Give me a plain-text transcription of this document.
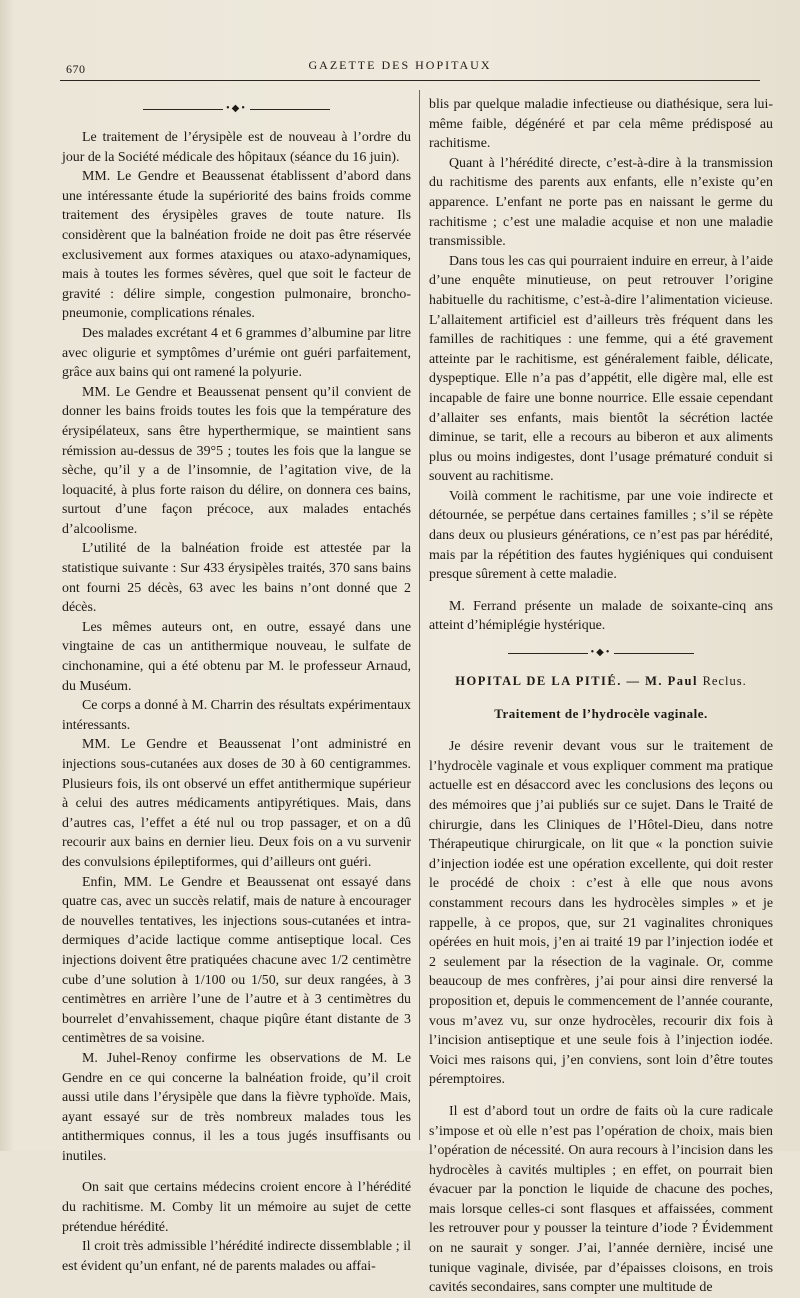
670	GAZETTE DES HOPITAUX
•◆•

Le traitement de l’érysipèle est de nouveau à l’ordre du jour de la Société médicale des hôpitaux (séance du 16 juin).

MM. Le Gendre et Beaussenat établissent d’abord dans une intéressante étude la supériorité des bains froids comme traitement des érysipèles graves de toute nature. Ils considèrent que la balnéation froide ne doit pas être réservée exclusivement aux formes ataxiques ou ataxo-adynamiques, mais à toutes les formes sévères, quel que soit le facteur de gravité : délire simple, congestion pulmonaire, broncho-pneumonie, complications rénales.

Des malades excrétant 4 et 6 grammes d’albumine par litre avec oligurie et symptômes d’urémie ont guéri parfaitement, grâce aux bains qui ont ramené la polyurie.

MM. Le Gendre et Beaussenat pensent qu’il convient de donner les bains froids toutes les fois que la température des érysipélateux, sans être hyperthermique, se maintient sans rémission au-dessus de 39°5 ; toutes les fois que la langue se sèche, qu’il y a de l’insomnie, de l’agitation vive, de la loquacité, à plus forte raison du délire, on donnera ces bains, surtout d’une façon précoce, aux malades entachés d’alcoolisme.

L’utilité de la balnéation froide est attestée par la statistique suivante : Sur 433 érysipèles traités, 370 sans bains ont fourni 25 décès, 63 avec les bains n’ont donné que 2 décès.

Les mêmes auteurs ont, en outre, essayé dans une vingtaine de cas un antithermique nouveau, le sulfate de cinchonamine, qui a été obtenu par M. le professeur Arnaud, du Muséum.

Ce corps a donné à M. Charrin des résultats expérimentaux intéressants.

MM. Le Gendre et Beaussenat l’ont administré en injections sous-cutanées aux doses de 30 à 60 centigrammes. Plusieurs fois, ils ont observé un effet antithermique supérieur à celui des autres médicaments antipyrétiques. Mais, dans d’autres cas, l’effet a été nul ou trop passager, et on a dû recourir aux bains en dernier lieu. Deux fois on a vu survenir des convulsions épileptiformes, qui d’ailleurs ont guéri.

Enfin, MM. Le Gendre et Beaussenat ont essayé dans quatre cas, avec un succès relatif, mais de nature à encourager de nouvelles tentatives, les injections sous-cutanées et intra-dermiques d’acide lactique comme antiseptique local. Ces injections doivent être pratiquées chacune avec 1/2 centimètre cube d’une solution à 1/100 ou 1/50, sur deux rangées, à 3 centimètres en arrière l’une de l’autre et à 3 centimètres du bourrelet d’envahissement, chaque piqûre étant distante de 3 centimètres de sa voisine.

M. Juhel-Renoy confirme les observations de M. Le Gendre en ce qui concerne la balnéation froide, qu’il croit aussi utile dans l’érysipèle que dans la fièvre typhoïde. Mais, ayant essayé sur de très nombreux malades tous les antithermiques connus, il les a tous jugés insuffisants ou inutiles.

On sait que certains médecins croient encore à l’hérédité du rachitisme. M. Comby lit un mémoire au sujet de cette prétendue hérédité.

Il croit très admissible l’hérédité indirecte dissemblable ; il est évident qu’un enfant, né de parents malades ou affai-

blis par quelque maladie infectieuse ou diathésique, sera lui-même faible, dégénéré et par cela même prédisposé au rachitisme.

Quant à l’hérédité directe, c’est-à-dire à la transmission du rachitisme des parents aux enfants, elle n’existe qu’en apparence. L’enfant ne porte pas en naissant le germe du rachitisme ; c’est une maladie acquise et non une maladie transmissible.

Dans tous les cas qui pourraient induire en erreur, à l’aide d’une enquête minutieuse, on peut retrouver l’origine habituelle du rachitisme, c’est-à-dire l’alimentation vicieuse. L’allaitement artificiel est d’ailleurs très fréquent dans les familles de rachitiques : une femme, qui a été gravement atteinte par le rachitisme, est généralement faible, délicate, dyspeptique. Elle n’a pas d’appétit, elle digère mal, elle est incapable de faire une bonne nourrice. Elle essaie cependant d’allaiter ses enfants, mais bientôt la sécrétion lactée diminue, se tarit, elle a recours au biberon et aux aliments plus ou moins indigestes, dont l’usage prématuré conduit si souvent au rachitisme.

Voilà comment le rachitisme, par une voie indirecte et détournée, se perpétue dans certaines familles ; s’il se répète dans deux ou plusieurs générations, ce n’est pas par hérédité, mais par la répétition des fautes hygiéniques qui conduisent presque sûrement à cette maladie.

M. Ferrand présente un malade de soixante-cinq ans atteint d’hémiplégie hystérique.

•◆•
HOPITAL DE LA PITIÉ. — M. Paul Reclus.
Traitement de l’hydrocèle vaginale.

Je désire revenir devant vous sur le traitement de l’hydrocèle vaginale et vous expliquer comment ma pratique actuelle est en désaccord avec les conclusions des leçons ou des mémoires que j’ai publiés sur ce sujet. Dans le Traité de chirurgie, dans les Cliniques de l’Hôtel-Dieu, dans notre Thérapeutique chirurgicale, on lit que « la ponction suivie d’injection iodée est une opération excellente, qui doit rester le procédé de choix : c’est à elle que nous avons constamment recours dans les hydrocèles simples » et je rappelle, à ce propos, que, sur 21 vaginalites chroniques opérées en huit mois, j’en ai traité 19 par l’injection iodée et 2 seulement par la résection de la vaginale. Or, comme beaucoup de mes confrères, j’ai pour ainsi dire renversé la proposition et, depuis le commencement de l’année courante, vous m’avez vu, sur onze hydrocèles, recourir dix fois à l’incision antiseptique et une seule fois à l’injection iodée. Voici mes raisons qui, j’en conviens, sont loin d’être toutes péremptoires.

Il est d’abord tout un ordre de faits où la cure radicale s’impose et où elle n’est pas l’opération de choix, mais bien l’opération de nécessité. On aura recours à l’incision dans les hydrocèles à cavités multiples ; en effet, on pourrait bien évacuer par la ponction le liquide de chacune des poches, mais lorsque celles-ci sont flasques et affaissées, comment les retrouver pour y pousser la teinture d’iode ? Évidemment on ne saurait y songer. J’ai, l’année dernière, incisé une tunique vaginale, divisée, par d’épaisses cloisons, en trois cavités secondaires, sans compter une multitude de
